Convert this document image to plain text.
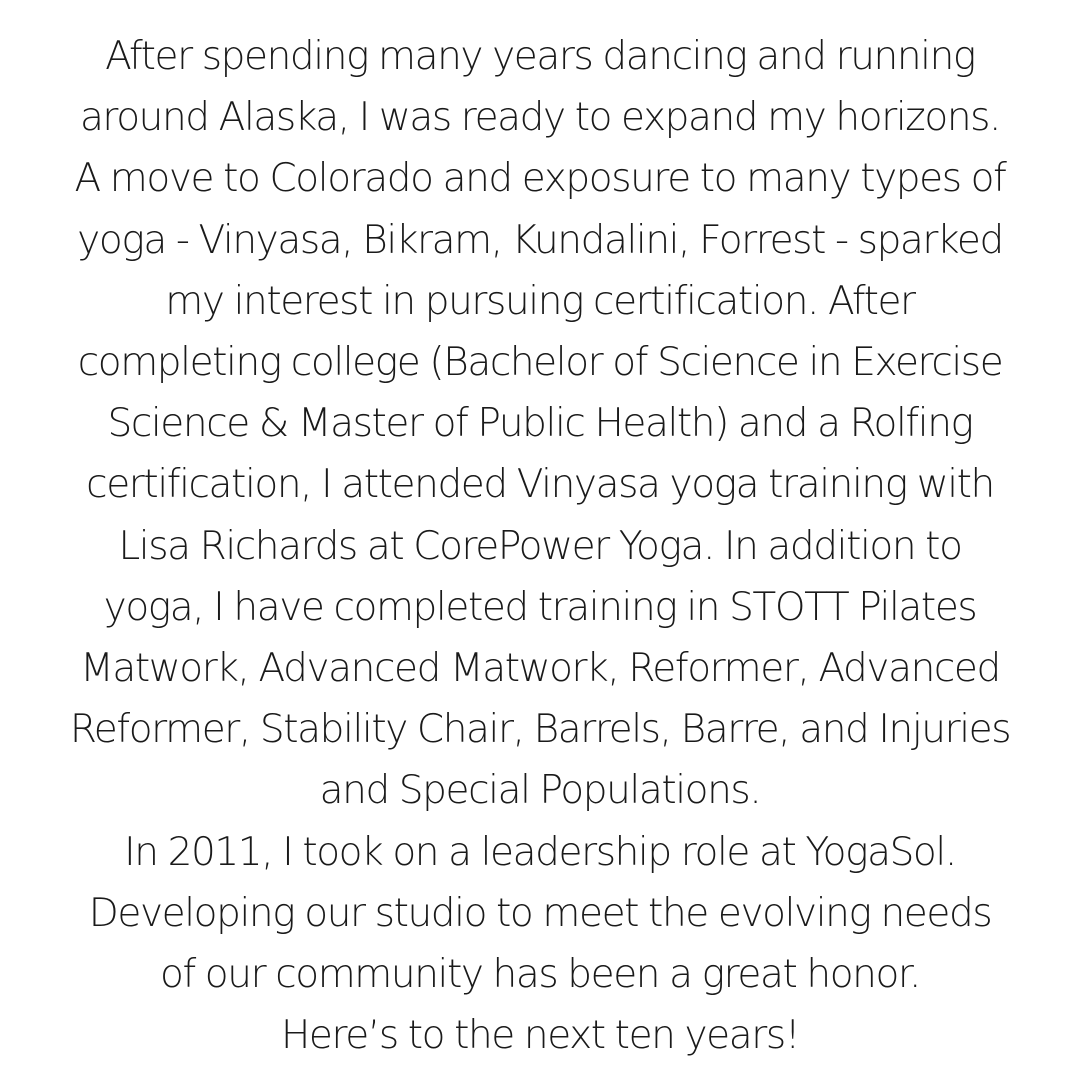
After spending many years dancing and running
around Alaska, I was ready to expand my horizons.
A move to Colorado and exposure to many types of
yoga - Vinyasa, Bikram, Kundalini, Forrest - sparked
my interest in pursuing certification. After
completing college (Bachelor of Science in Exercise
Science & Master of Public Health) and a Rolfing
certification, I attended Vinyasa yoga training with
Lisa Richards at CorePower Yoga. In addition to
yoga, I have completed training in STOTT Pilates
Matwork, Advanced Matwork, Reformer, Advanced
Reformer, Stability Chair, Barrels, Barre, and Injuries
and Special Populations.
In 2011, I took on a leadership role at YogaSol.
Developing our studio to meet the evolving needs
of our community has been a great honor.
Here’s to the next ten years!
